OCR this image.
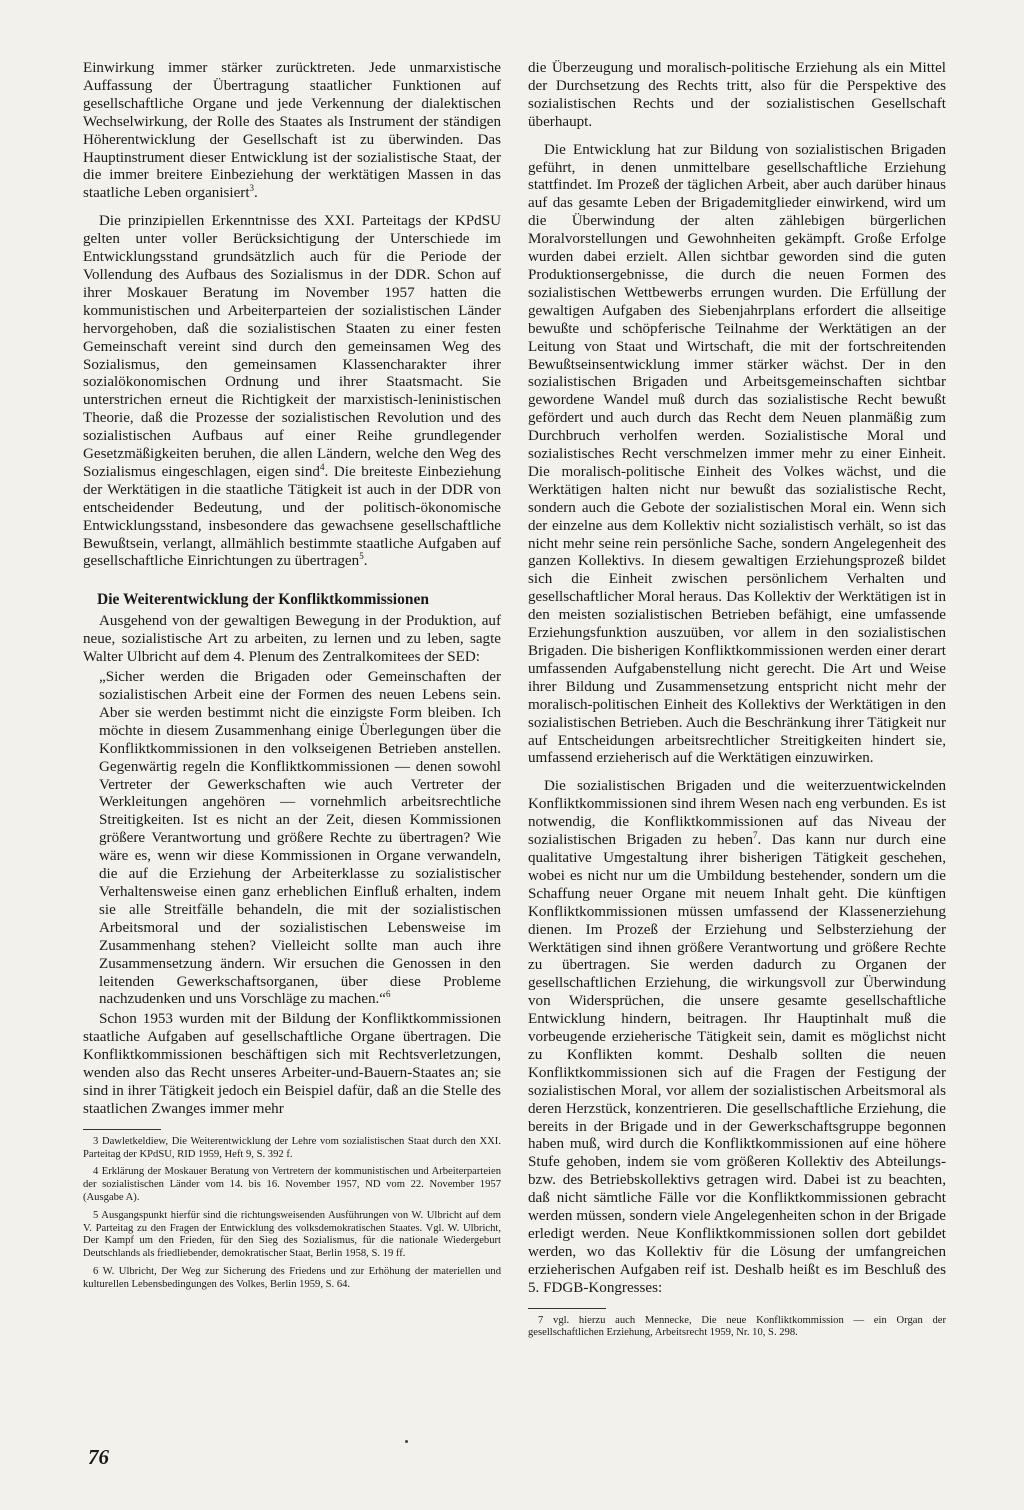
Einwirkung immer stärker zurücktreten. Jede unmarxistische Auffassung der Übertragung staatlicher Funktionen auf gesellschaftliche Organe und jede Verkennung der dialektischen Wechselwirkung, der Rolle des Staates als Instrument der ständigen Höherentwicklung der Gesellschaft ist zu überwinden. Das Hauptinstrument dieser Entwicklung ist der sozialistische Staat, der die immer breitere Einbeziehung der werktätigen Massen in das staatliche Leben organisiert$^3$.

Die prinzipiellen Erkenntnisse des XXI. Parteitags der KPdSU gelten unter voller Berücksichtigung der Unterschiede im Entwicklungsstand grundsätzlich auch für die Periode der Vollendung des Aufbaus des Sozialismus in der DDR. Schon auf ihrer Moskauer Beratung im November 1957 hatten die kommunistischen und Arbeiterparteien der sozialistischen Länder hervorgehoben, daß die sozialistischen Staaten zu einer festen Gemeinschaft vereint sind durch den gemeinsamen Weg des Sozialismus, den gemeinsamen Klassencharakter ihrer sozialökonomischen Ordnung und ihrer Staatsmacht. Sie unterstrichen erneut die Richtigkeit der marxistisch-leninistischen Theorie, daß die Prozesse der sozialistischen Revolution und des sozialistischen Aufbaus auf einer Reihe grundlegender Gesetzmäßigkeiten beruhen, die allen Ländern, welche den Weg des Sozialismus eingeschlagen, eigen sind$^4$. Die breiteste Einbeziehung der Werktätigen in die staatliche Tätigkeit ist auch in der DDR von entscheidender Bedeutung, und der politisch-ökonomische Entwicklungsstand, insbesondere das gewachsene gesellschaftliche Bewußtsein, verlangt, allmählich bestimmte staatliche Aufgaben auf gesellschaftliche Einrichtungen zu übertragen$^5$.

Die Weiterentwicklung der Konfliktkommissionen

Ausgehend von der gewaltigen Bewegung in der Produktion, auf neue, sozialistische Art zu arbeiten, zu lernen und zu leben, sagte Walter Ulbricht auf dem 4. Plenum des Zentralkomitees der SED:

„Sicher werden die Brigaden oder Gemeinschaften der sozialistischen Arbeit eine der Formen des neuen Lebens sein. Aber sie werden bestimmt nicht die einzigste Form bleiben. Ich möchte in diesem Zusammenhang einige Überlegungen über die Konfliktkommissionen in den volkseigenen Betrieben anstellen. Gegenwärtig regeln die Konfliktkommissionen — denen sowohl Vertreter der Gewerkschaften wie auch Vertreter der Werkleitungen angehören — vornehmlich arbeitsrechtliche Streitigkeiten. Ist es nicht an der Zeit, diesen Kommissionen größere Verantwortung und größere Rechte zu übertragen? Wie wäre es, wenn wir diese Kommissionen in Organe verwandeln, die auf die Erziehung der Arbeiterklasse zu sozialistischer Verhaltensweise einen ganz erheblichen Einfluß erhalten, indem sie alle Streitfälle behandeln, die mit der sozialistischen Arbeitsmoral und der sozialistischen Lebensweise im Zusammenhang stehen? Vielleicht sollte man auch ihre Zusammensetzung ändern. Wir ersuchen die Genossen in den leitenden Gewerkschaftsorganen, über diese Probleme nachzudenken und uns Vorschläge zu machen.“$^6$

Schon 1953 wurden mit der Bildung der Konfliktkommissionen staatliche Aufgaben auf gesellschaftliche Organe übertragen. Die Konfliktkommissionen beschäftigen sich mit Rechtsverletzungen, wenden also das Recht unseres Arbeiter-und-Bauern-Staates an; sie sind in ihrer Tätigkeit jedoch ein Beispiel dafür, daß an die Stelle des staatlichen Zwanges immer mehr

3 Dawletkeldiew, Die Weiterentwicklung der Lehre vom sozialistischen Staat durch den XXI. Parteitag der KPdSU, RID 1959, Heft 9, S. 392 f.

4 Erklärung der Moskauer Beratung von Vertretern der kommunistischen und Arbeiterparteien der sozialistischen Länder vom 14. bis 16. November 1957, ND vom 22. November 1957 (Ausgabe A).

5 Ausgangspunkt hierfür sind die richtungsweisenden Ausführungen von W. Ulbricht auf dem V. Parteitag zu den Fragen der Entwicklung des volksdemokratischen Staates. Vgl. W. Ulbricht, Der Kampf um den Frieden, für den Sieg des Sozialismus, für die nationale Wiedergeburt Deutschlands als friedliebender, demokratischer Staat, Berlin 1958, S. 19 ff.

6 W. Ulbricht, Der Weg zur Sicherung des Friedens und zur Erhöhung der materiellen und kulturellen Lebensbedingungen des Volkes, Berlin 1959, S. 64.

die Überzeugung und moralisch-politische Erziehung als ein Mittel der Durchsetzung des Rechts tritt, also für die Perspektive des sozialistischen Rechts und der sozialistischen Gesellschaft überhaupt.

Die Entwicklung hat zur Bildung von sozialistischen Brigaden geführt, in denen unmittelbare gesellschaftliche Erziehung stattfindet. Im Prozeß der täglichen Arbeit, aber auch darüber hinaus auf das gesamte Leben der Brigademitglieder einwirkend, wird um die Überwindung der alten zählebigen bürgerlichen Moralvorstellungen und Gewohnheiten gekämpft. Große Erfolge wurden dabei erzielt. Allen sichtbar geworden sind die guten Produktionsergebnisse, die durch die neuen Formen des sozialistischen Wettbewerbs errungen wurden. Die Erfüllung der gewaltigen Aufgaben des Siebenjahrplans erfordert die allseitige bewußte und schöpferische Teilnahme der Werktätigen an der Leitung von Staat und Wirtschaft, die mit der fortschreitenden Bewußtseinsentwicklung immer stärker wächst. Der in den sozialistischen Brigaden und Arbeitsgemeinschaften sichtbar gewordene Wandel muß durch das sozialistische Recht bewußt gefördert und auch durch das Recht dem Neuen planmäßig zum Durchbruch verholfen werden. Sozialistische Moral und sozialistisches Recht verschmelzen immer mehr zu einer Einheit. Die moralisch-politische Einheit des Volkes wächst, und die Werktätigen halten nicht nur bewußt das sozialistische Recht, sondern auch die Gebote der sozialistischen Moral ein. Wenn sich der einzelne aus dem Kollektiv nicht sozialistisch verhält, so ist das nicht mehr seine rein persönliche Sache, sondern Angelegenheit des ganzen Kollektivs. In diesem gewaltigen Erziehungsprozeß bildet sich die Einheit zwischen persönlichem Verhalten und gesellschaftlicher Moral heraus. Das Kollektiv der Werktätigen ist in den meisten sozialistischen Betrieben befähigt, eine umfassende Erziehungsfunktion auszuüben, vor allem in den sozialistischen Brigaden. Die bisherigen Konfliktkommissionen werden einer derart umfassenden Aufgabenstellung nicht gerecht. Die Art und Weise ihrer Bildung und Zusammensetzung entspricht nicht mehr der moralisch-politischen Einheit des Kollektivs der Werktätigen in den sozialistischen Betrieben. Auch die Beschränkung ihrer Tätigkeit nur auf Entscheidungen arbeitsrechtlicher Streitigkeiten hindert sie, umfassend erzieherisch auf die Werktätigen einzuwirken.

Die sozialistischen Brigaden und die weiterzuentwickelnden Konfliktkommissionen sind ihrem Wesen nach eng verbunden. Es ist notwendig, die Konfliktkommissionen auf das Niveau der sozialistischen Brigaden zu heben$^7$. Das kann nur durch eine qualitative Umgestaltung ihrer bisherigen Tätigkeit geschehen, wobei es nicht nur um die Umbildung bestehender, sondern um die Schaffung neuer Organe mit neuem Inhalt geht. Die künftigen Konfliktkommissionen müssen umfassend der Klassenerziehung dienen. Im Prozeß der Erziehung und Selbsterziehung der Werktätigen sind ihnen größere Verantwortung und größere Rechte zu übertragen. Sie werden dadurch zu Organen der gesellschaftlichen Erziehung, die wirkungsvoll zur Überwindung von Widersprüchen, die unsere gesamte gesellschaftliche Entwicklung hindern, beitragen. Ihr Hauptinhalt muß die vorbeugende erzieherische Tätigkeit sein, damit es möglichst nicht zu Konflikten kommt. Deshalb sollten die neuen Konfliktkommissionen sich auf die Fragen der Festigung der sozialistischen Moral, vor allem der sozialistischen Arbeitsmoral als deren Herzstück, konzentrieren. Die gesellschaftliche Erziehung, die bereits in der Brigade und in der Gewerkschaftsgruppe begonnen haben muß, wird durch die Konfliktkommissionen auf eine höhere Stufe gehoben, indem sie vom größeren Kollektiv des Abteilungs- bzw. des Betriebskollektivs getragen wird. Dabei ist zu beachten, daß nicht sämtliche Fälle vor die Konfliktkommissionen gebracht werden müssen, sondern viele Angelegenheiten schon in der Brigade erledigt werden. Neue Konfliktkommissionen sollen dort gebildet werden, wo das Kollektiv für die Lösung der umfangreichen erzieherischen Aufgaben reif ist. Deshalb heißt es im Beschluß des 5. FDGB-Kongresses:

7 vgl. hierzu auch Mennecke, Die neue Konfliktkommission — ein Organ der gesellschaftlichen Erziehung, Arbeitsrecht 1959, Nr. 10, S. 298.

76
